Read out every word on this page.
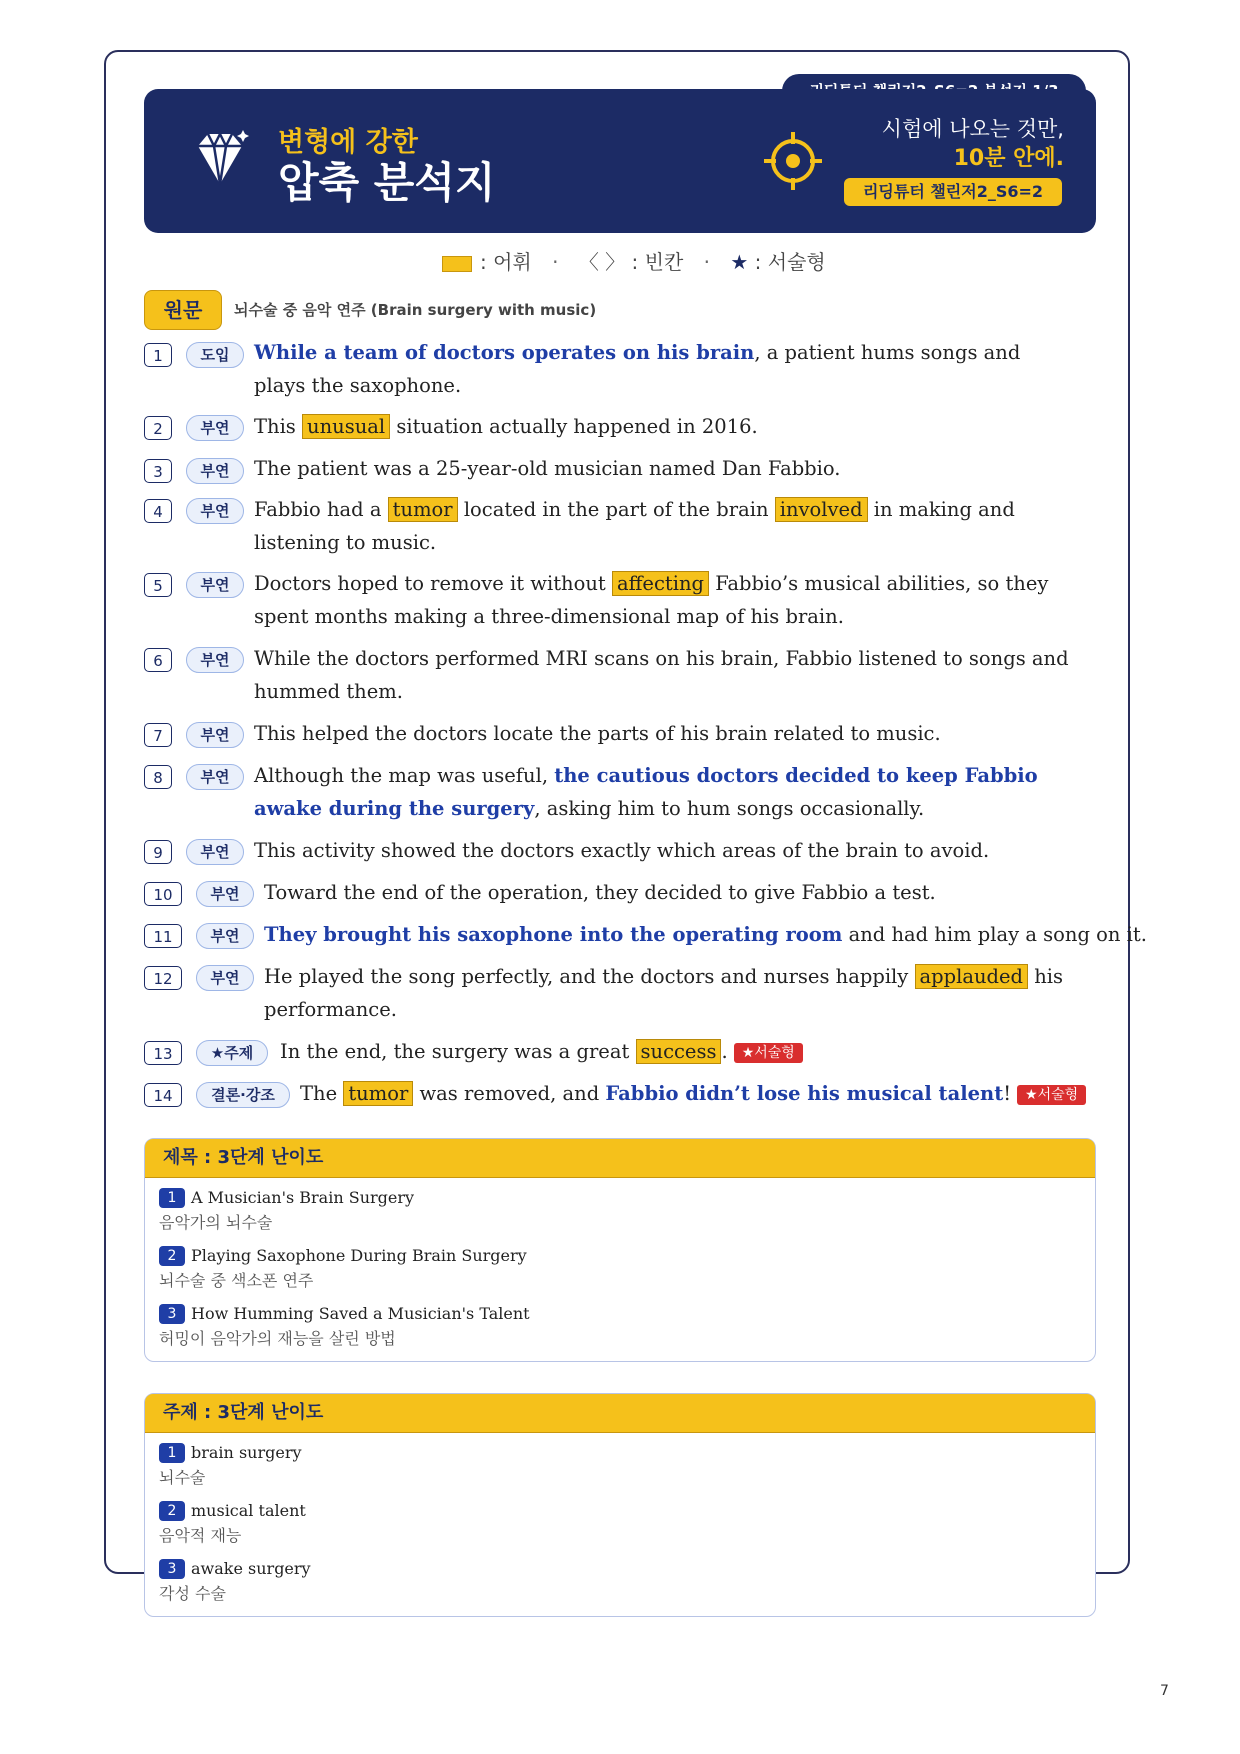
변형에 강한
압축 분석지
시험에 나오는 것만,
10분 안에.
리딩튜터 챌린저2_S6=2
: 어휘 · 〈 〉 : 빈칸 · ★ : 서술형
원문	뇌수술 중 음악 연주 (Brain surgery with music)
1	도입	While a team of doctors operates on his brain, a patient hums songs and plays the saxophone.
2	부연	This unusual situation actually happened in 2016.
3	부연	The patient was a 25-year-old musician named Dan Fabbio.
4	부연	Fabbio had a tumor located in the part of the brain involved in making and listening to music.
5	부연	Doctors hoped to remove it without affecting Fabbio’s musical abilities, so they spent months making a three-dimensional map of his brain.
6	부연	While the doctors performed MRI scans on his brain, Fabbio listened to songs and hummed them.
7	부연	This helped the doctors locate the parts of his brain related to music.
8	부연	Although the map was useful, the cautious doctors decided to keep Fabbio awake during the surgery, asking him to hum songs occasionally.
9	부연	This activity showed the doctors exactly which areas of the brain to avoid.
10	부연	Toward the end of the operation, they decided to give Fabbio a test.
11	부연	They brought his saxophone into the operating room and had him play a song on it.
12	부연	He played the song perfectly, and the doctors and nurses happily applauded his performance.
13	★주제	In the end, the surgery was a great success . ★서술형
14	결론·강조	The tumor was removed, and Fabbio didn’t lose his musical talent! ★서술형
제목 : 3단계 난이도
1 A Musician's Brain Surgery
음악가의 뇌수술
2 Playing Saxophone During Brain Surgery
뇌수술 중 색소폰 연주
3 How Humming Saved a Musician's Talent
허밍이 음악가의 재능을 살린 방법
주제 : 3단계 난이도
1 brain surgery
뇌수술
2 musical talent
음악적 재능
3 awake surgery
각성 수술
7
